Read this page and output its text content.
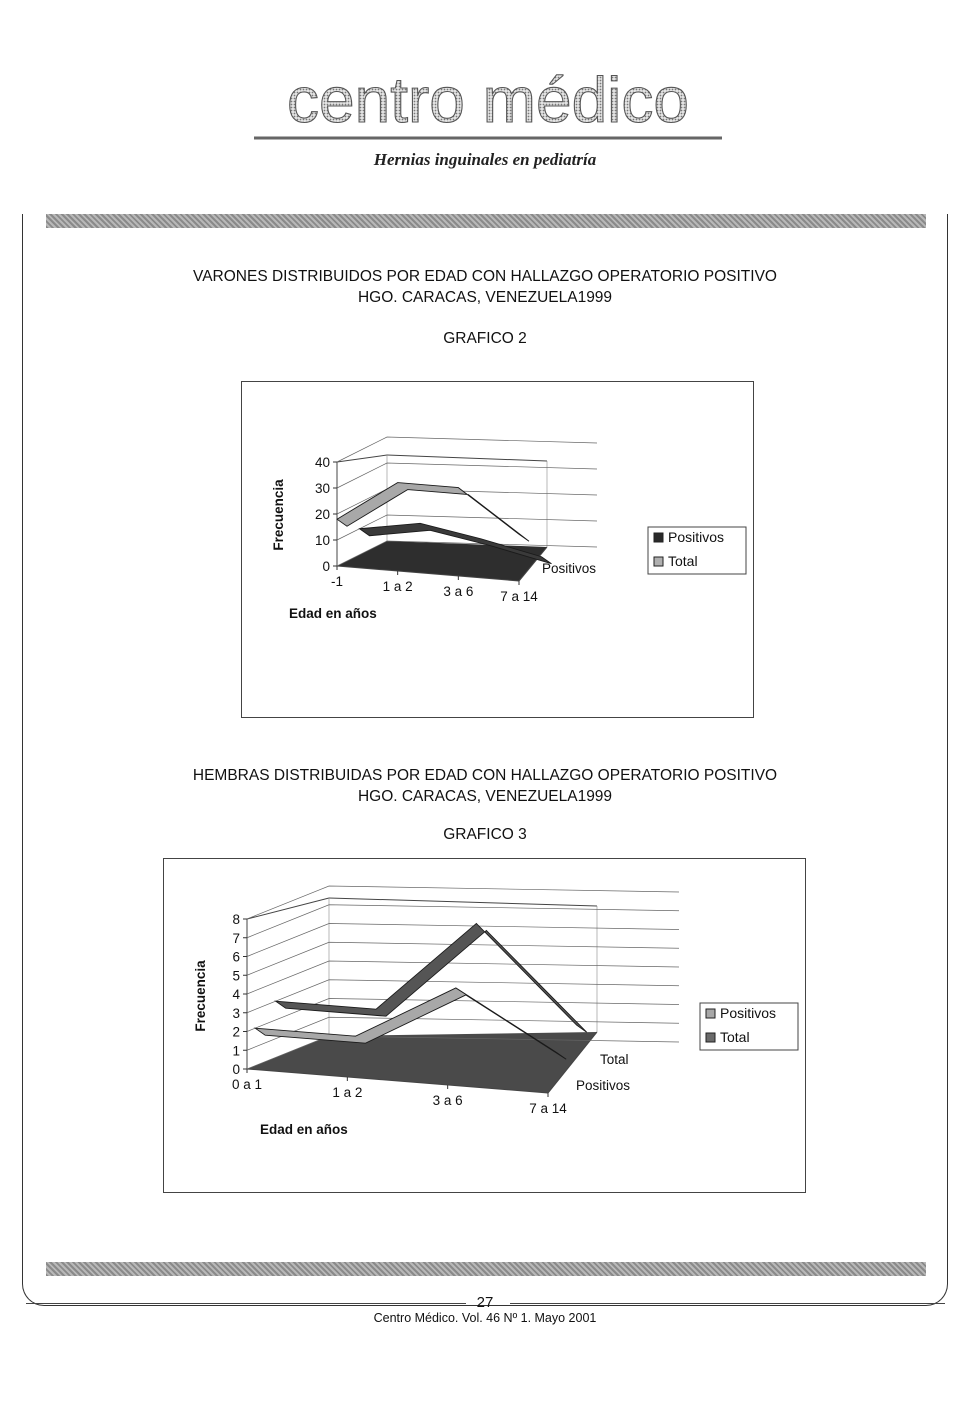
centro médico
Hernias inguinales en pediatría
VARONES DISTRIBUIDOS POR EDAD CON HALLAZGO OPERATORIO POSITIVO
HGO. CARACAS, VENEZUELA1999
GRAFICO 2
0
10
20
30
40
-1	1 a 2 3 a 6 7 a 14
Positivos
Frecuencia
Edad en años
Positivos
Total
HEMBRAS DISTRIBUIDAS POR EDAD CON HALLAZGO OPERATORIO POSITIVO
HGO. CARACAS, VENEZUELA1999
GRAFICO 3
0
1
2
3
4
5
6
7
8
0 a 1
1 a 2
3 a 6
7 a 14
Total
Positivos
Frecuencia
Edad en años
Positivos
Total
27
Centro Médico. Vol. 46 Nº 1. Mayo 2001
